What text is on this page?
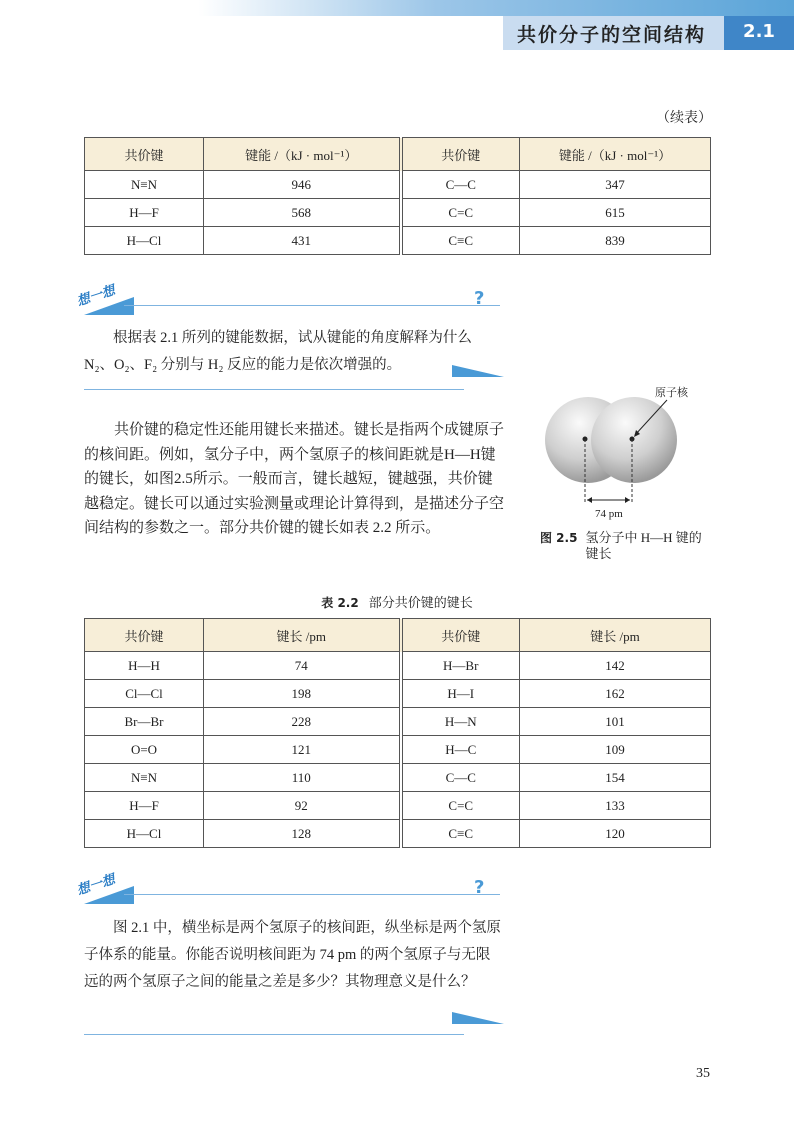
共价分子的空间结构	2.1
（续表）
共价键	键能 /（kJ · mol⁻¹）	共价键	键能 /（kJ · mol⁻¹）
N≡N	946	C—C	347
H—F	568	C=C	615
H—Cl	431	C≡C	839
想一想	?
根据表 2.1 所列的键能数据，试从键能的角度解释为什么 N₂、O₂、F₂ 分别与 H₂ 反应的能力是依次增强的。
共价键的稳定性还能用键长来描述。键长是指两个成键原子的核间距。例如，氢分子中，两个氢原子的核间距就是H—H键的键长，如图2.5所示。一般而言，键长越短，键越强，共价键越稳定。键长可以通过实验测量或理论计算得到，是描述分子空间结构的参数之一。部分共价键的键长如表 2.2 所示。
原子核
74 pm
图 2.5 氢分子中 H—H 键的键长
表 2.2 部分共价键的键长
共价键	键长 /pm	共价键	键长 /pm
H—H	74	H—Br	142
Cl—Cl	198	H—I	162
Br—Br	228	H—N	101
O=O	121	H—C	109
N≡N	110	C—C	154
H—F	92	C=C	133
H—Cl	128	C≡C	120
想一想	?
图 2.1 中，横坐标是两个氢原子的核间距，纵坐标是两个氢原子体系的能量。你能否说明核间距为 74 pm 的两个氢原子与无限远的两个氢原子之间的能量之差是多少？其物理意义是什么？
35
